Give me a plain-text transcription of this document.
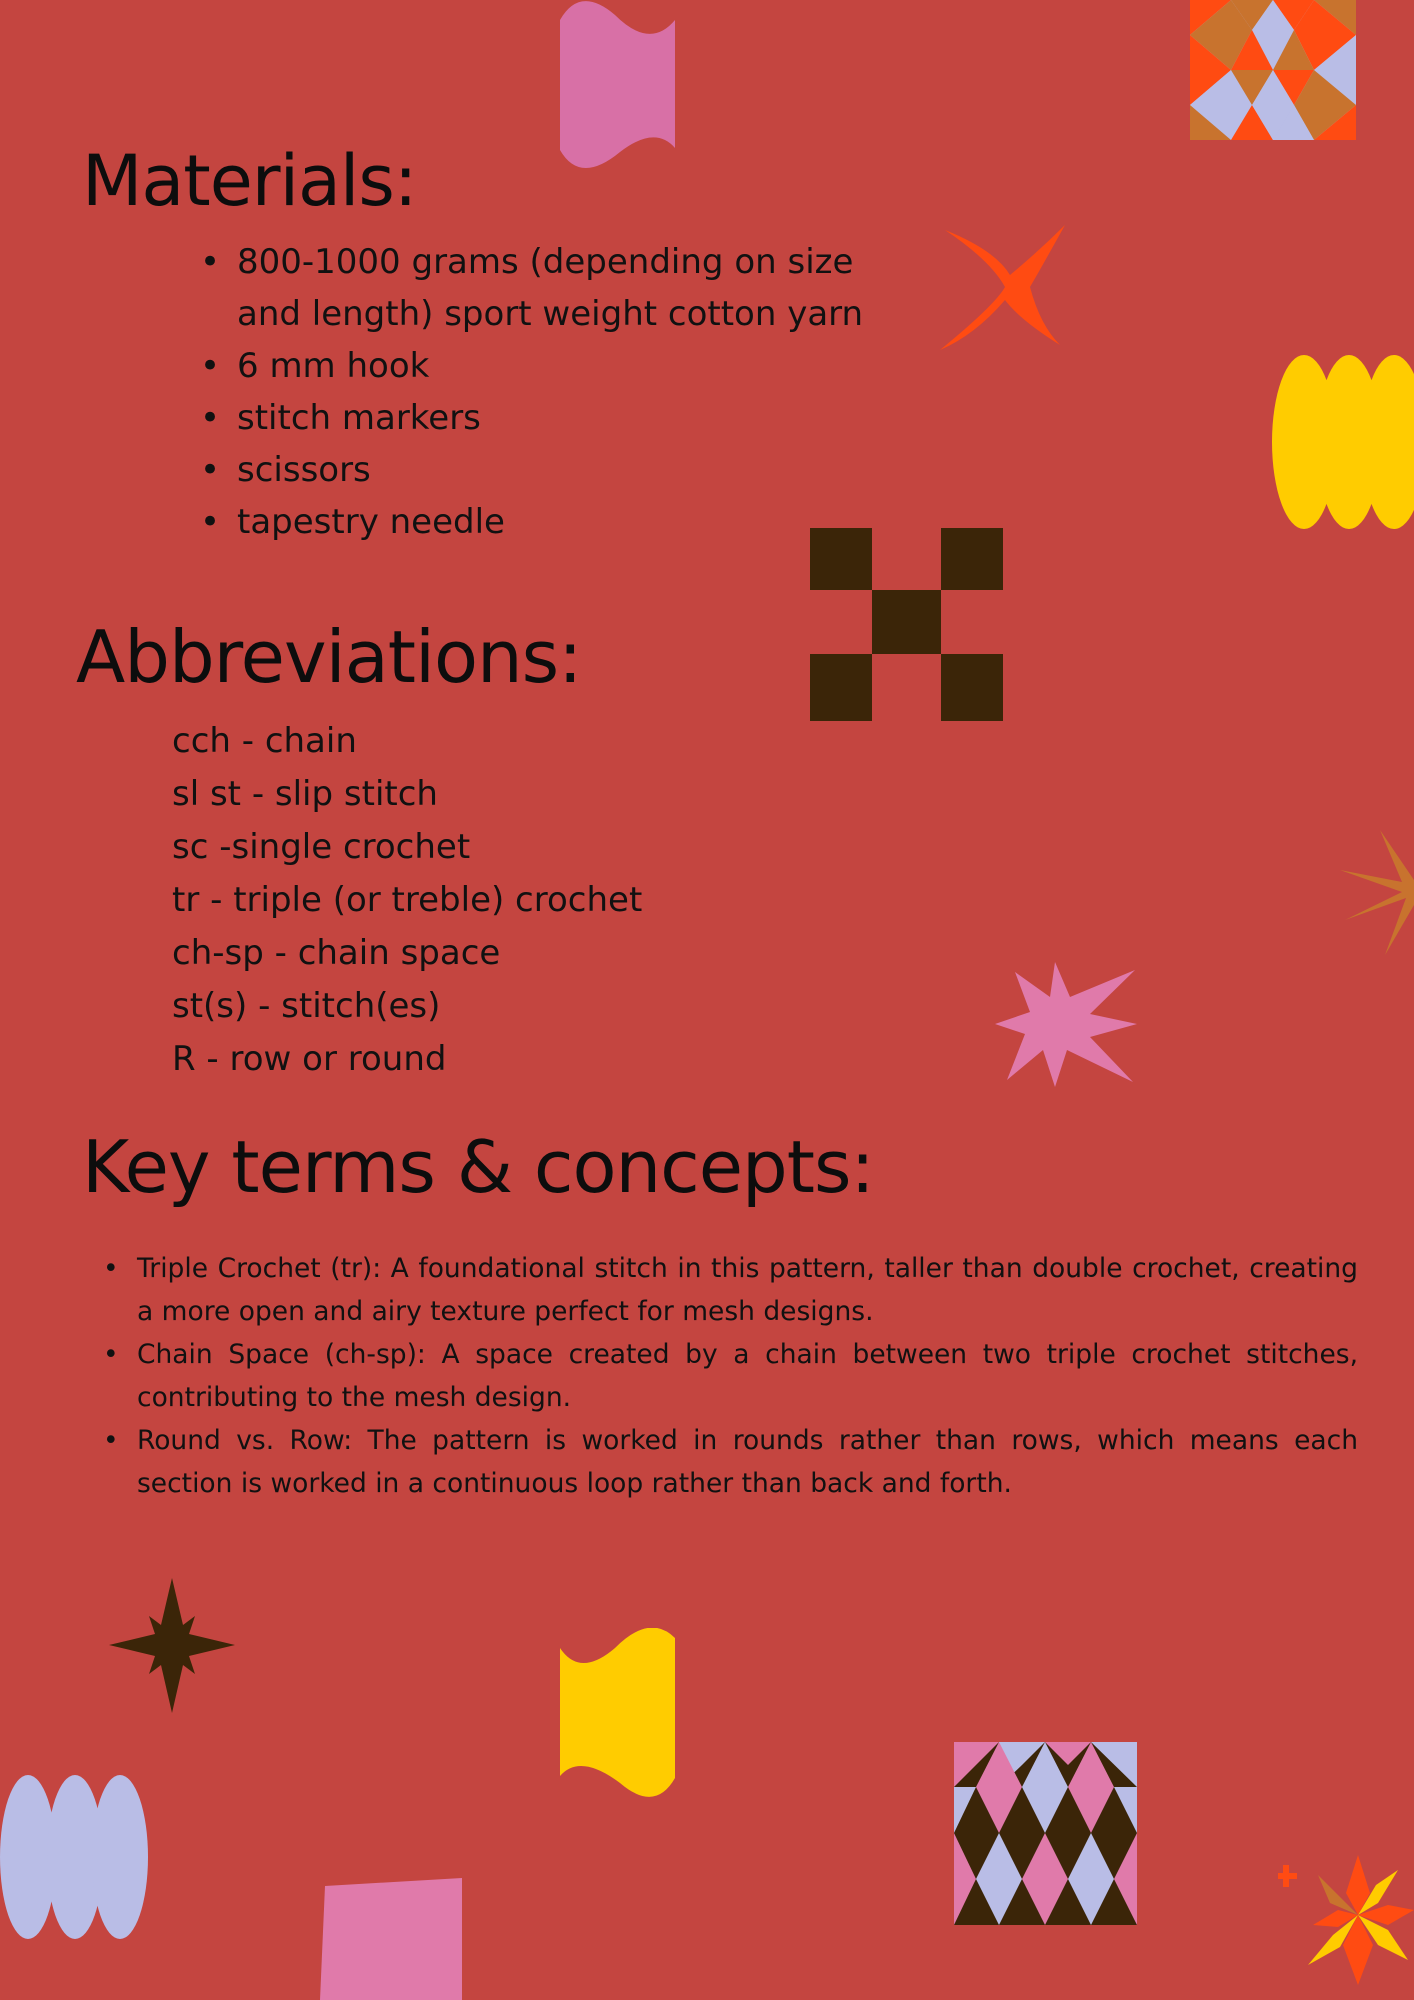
Materials:
• 800-1000 grams (depending on size and length) sport weight cotton yarn
• 6 mm hook
• stitch markers
• scissors
• tapestry needle
Abbreviations:
cch - chain
sl st - slip stitch
sc -single crochet
tr - triple (or treble) crochet
ch-sp - chain space
st(s) - stitch(es)
R - row or round
Key terms & concepts:
• Triple Crochet (tr): A foundational stitch in this pattern, taller than double crochet, creating a more open and airy texture perfect for mesh designs.
• Chain Space (ch-sp): A space created by a chain between two triple crochet stitches, contributing to the mesh design.
• Round vs. Row: The pattern is worked in rounds rather than rows, which means each section is worked in a continuous loop rather than back and forth.
